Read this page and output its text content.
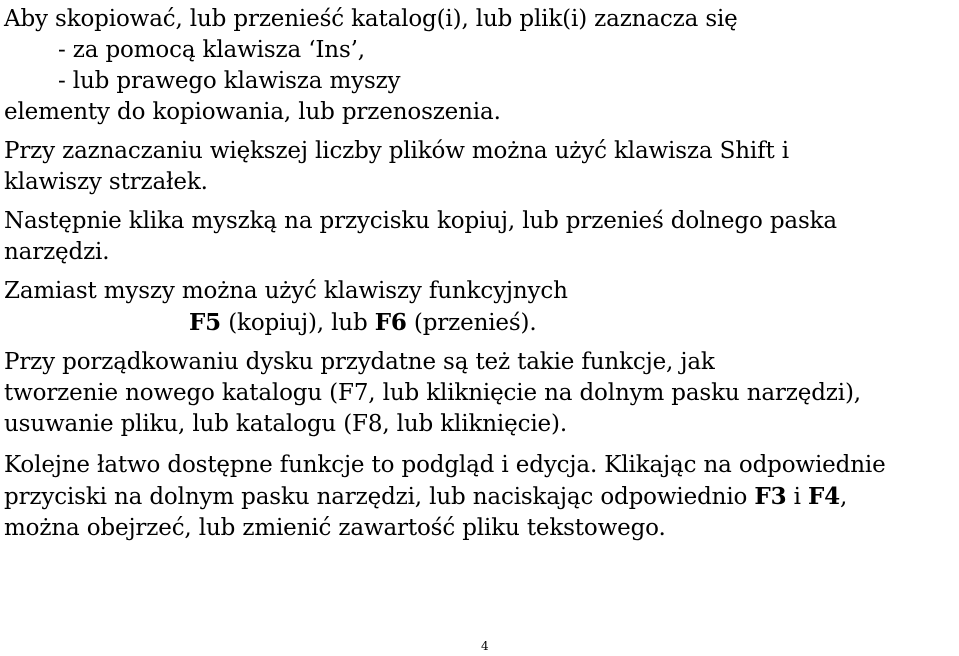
Aby skopiować, lub przenieść katalog(i), lub plik(i) zaznacza się
- za pomocą klawisza ‘Ins’,
- lub prawego klawisza myszy
elementy do kopiowania, lub przenoszenia.
Przy zaznaczaniu większej liczby plików można użyć klawisza Shift i
klawiszy strzałek.
Następnie klika myszką na przycisku kopiuj, lub przenieś dolnego paska
narzędzi.
Zamiast myszy można użyć klawiszy funkcyjnych
F5 (kopiuj), lub F6 (przenieś).
Przy porządkowaniu dysku przydatne są też takie funkcje, jak
tworzenie nowego katalogu (F7, lub kliknięcie na dolnym pasku narzędzi),
usuwanie pliku, lub katalogu (F8, lub kliknięcie).
Kolejne łatwo dostępne funkcje to podgląd i edycja. Klikając na odpowiednie
przyciski na dolnym pasku narzędzi, lub naciskając odpowiednio F3 i F4,
można obejrzeć, lub zmienić zawartość pliku tekstowego.
4
